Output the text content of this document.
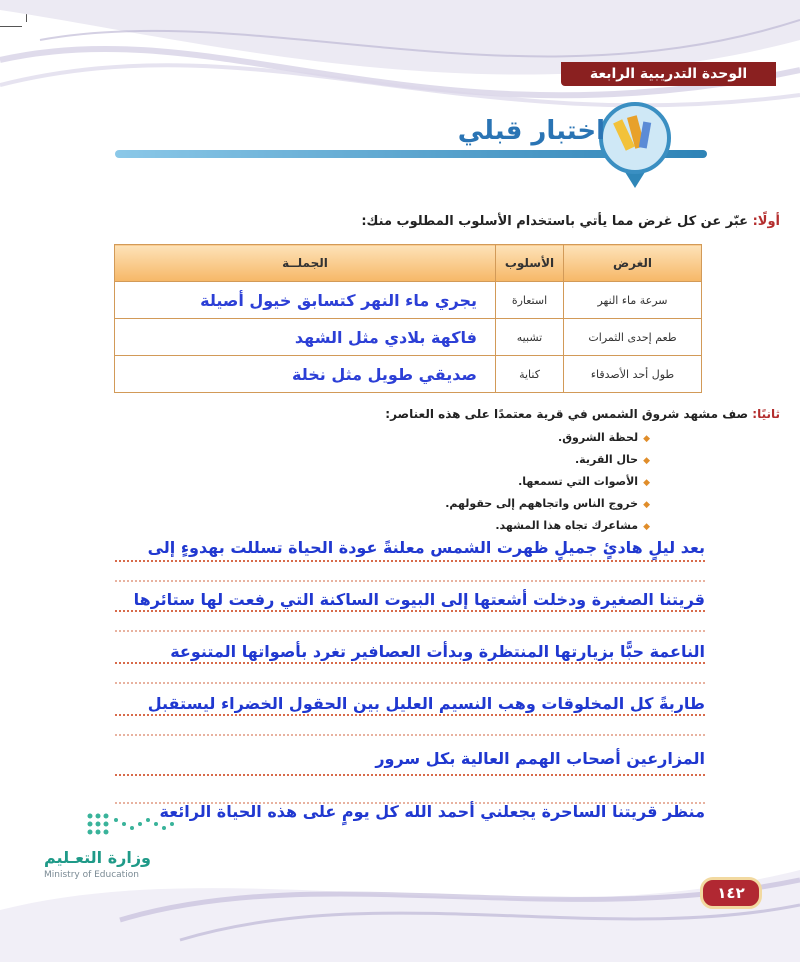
الوحدة التدريبية الرابعة
اختبار قبلي
أولًا: عبّر عن كل غرض مما يأتي باستخدام الأسلوب المطلوب منك:
الغرض	الأسلوب	الجملــة
سرعة ماء النهر	استعارة	يجري ماء النهر كتسابق خيول أصيلة
طعم إحدى الثمرات	تشبيه	فاكهة بلادي مثل الشهد
طول أحد الأصدقاء	كناية	صديقي طويل مثل نخلة
ثانيًا: صف مشهد شروق الشمس في قرية معتمدًا على هذه العناصر:
◆لحظة الشروق.
◆حال القرية.
◆الأصوات التي تسمعها.
◆خروج الناس واتجاههم إلى حقولهم.
◆مشاعرك تجاه هذا المشهد.
بعد ليلٍ هادئٍ جميلٍ ظهرت الشمس معلنةً عودة الحياة تسللت بهدوءٍ إلى
قريتنا الصغيرة ودخلت أشعتها إلى البيوت الساكنة التي رفعت لها ستائرها
الناعمة حبًّا بزيارتها المنتظرة وبدأت العصافير تغرد بأصواتها المتنوعة
طاربةً كل المخلوقات وهب النسيم العليل بين الحقول الخضراء ليستقبل
المزارعين أصحاب الهمم العالية بكل سرور
منظر قريتنا الساحرة يجعلني أحمد الله كل يومٍ على هذه الحياة الرائعة
وزارة التعـليم
Ministry of Education
١٤٢
